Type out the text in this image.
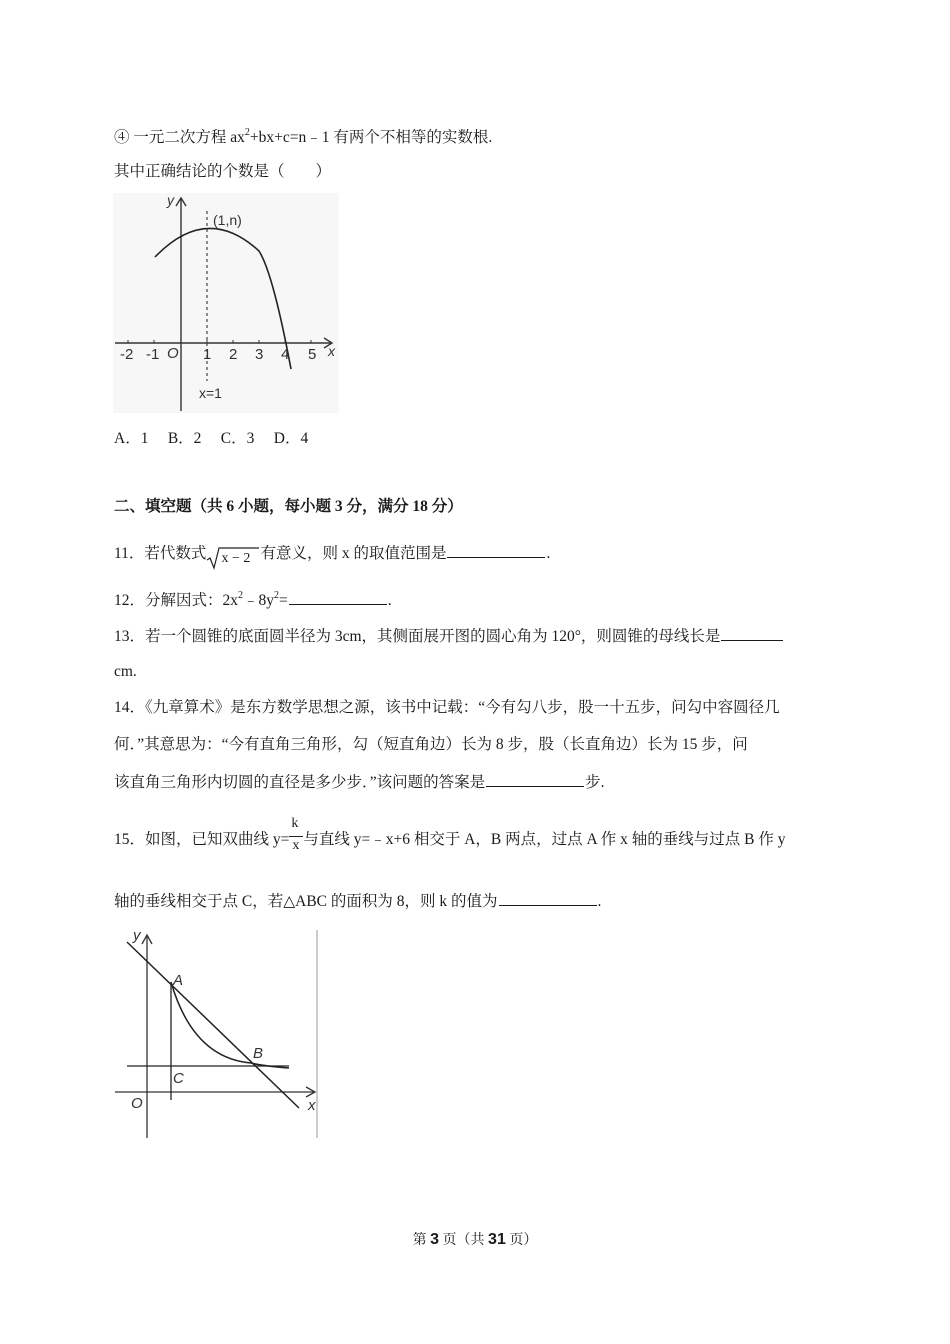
④ 一元二次方程 $ax^2+bx+c=n﹣1$ 有两个不相等的实数根.
其中正确结论的个数是（　　）
-2 -1	1 2 3 4 5
O	x
y
(1,n)
x=1
A．1　 B．2　 C．3　 D．4
二、填空题（共 6 小题，每小题 3 分，满分 18 分）
11．若代数式 x − 2 有意义，则 x 的取值范围是	.
12．分解因式：$2x^2﹣8y^2=$	.
13．若一个圆锥的底面圆半径为 3cm，其侧面展开图的圆心角为 120°，则圆锥的母线长是
cm.
14．《九章算术》是东方数学思想之源，该书中记载：“今有勾八步，股一十五步，问勾中容圆径几
何．”其意思为：“今有直角三角形，勾（短直角边）长为 8 步，股（长直角边）长为 15 步，问
该直角三角形内切圆的直径是多少步．”该问题的答案是	步.
15．如图，已知双曲线 $y= \frac{k}{x}$ 与直线 y=﹣x+6 相交于 A，B 两点，过点 A 作 x 轴的垂线与过点 B 作 y
轴的垂线相交于点 C，若△ABC 的面积为 8，则 k 的值为	.
A
B
C
O	x
y
第 3 页（共 31 页）
